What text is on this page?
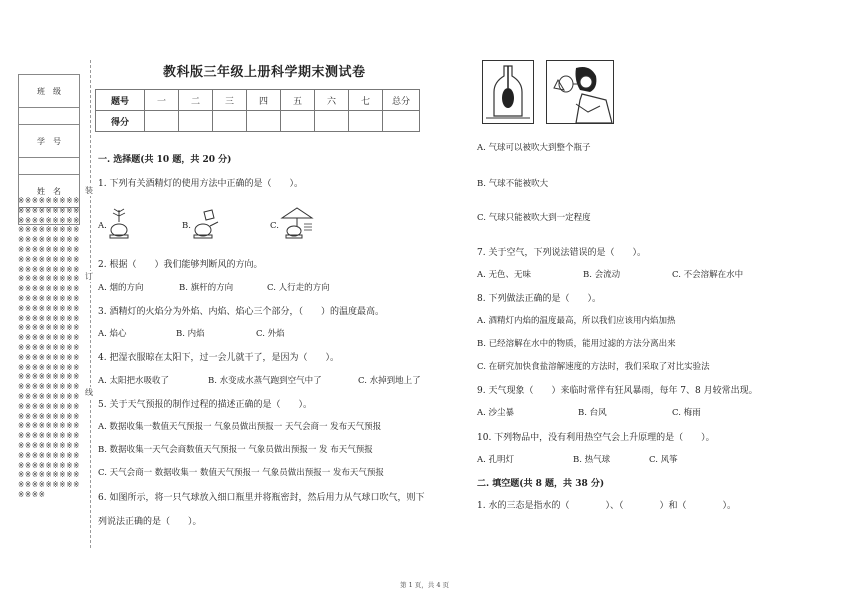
班　级

学　号

姓　名

※※※※※※※※※※※※※※※※※※※※※※※※※※※※※※※※※※※※※※※※※※※※※※※※※※※※※※※※※※※※※※※※※※※※※※※※※※※※※※※※※※※※※※※※※※※※※※※※※※※※※※※※※※※※※※※※※※※※※※※※※※※※※※※※※※※※※※※※※※※※※※※※※※※※※※※※※※※※※※※※※※※※※※※※※※※※※※※※※※※※※※※※※※※※※※※※※※※※※※※※※※※※※※※※※※※※※※※※※※※※※※※※※※※※※※※※※※※※※※※※※※※※※※※※※※※※※※※※※※※※※※※※※※※※※※※※※※
装
订
线
教科版三年级上册科学期末测试卷
题号	一	二	三	四	五	六	七	总分
得分								
一. 选择题(共 10 题，共 20 分)
1. 下列有关酒精灯的使用方法中正确的是（　　）。
A.	B.	C.
2. 根据（　　）我们能够判断风的方向。
A. 烟的方向	B. 旗杆的方向	C. 人行走的方向
3. 酒精灯的火焰分为外焰、内焰、焰心三个部分，（　　）的温度最高。
A. 焰心	B. 内焰	C. 外焰
4. 把湿衣服晾在太阳下，过一会儿就干了，是因为（　　）。
A. 太阳把水吸收了	B. 水变成水蒸气跑到空气中了	C. 水掉到地上了
5. 关于天气预报的制作过程的描述正确的是（　　）。
A. 数据收集一数值天气预报一 气象员做出预报一 天气会商一 发布天气预报
B. 数据收集一天气会商数值天气预报一 气象员做出预报一 发 布天气预报
C. 天气会商一 数据收集一 数值天气预报一 气象员做出预报一 发布天气预报
6. 如图所示，将一只气球放入细口瓶里并将瓶密封，然后用力从气球口吹气，则下
列说法正确的是（　　）。
A. 气球可以被吹大到整个瓶子
B. 气球不能被吹大
C. 气球只能被吹大到一定程度
7. 关于空气，下列说法错误的是（　　）。
A. 无色、无味	B. 会流动	C. 不会溶解在水中
8. 下列做法正确的是（　　）。
A. 酒精灯内焰的温度最高，所以我们应该用内焰加热
B. 已经溶解在水中的物质，能用过滤的方法分离出来
C. 在研究加快食盐溶解速度的方法时，我们采取了对比实验法
9. 天气现象（　　）来临时常伴有狂风暴雨，每年 7、8 月较常出现。
A. 沙尘暴	B. 台风	C. 梅雨
10. 下列物品中，没有利用热空气会上升原理的是（　　）。
A. 孔明灯	B. 热气球	C. 风筝
二. 填空题(共 8 题，共 38 分)
1. 水的三态是指水的（　　　　）、（　　　　）和（　　　　）。
第 1 页，共 4 页
